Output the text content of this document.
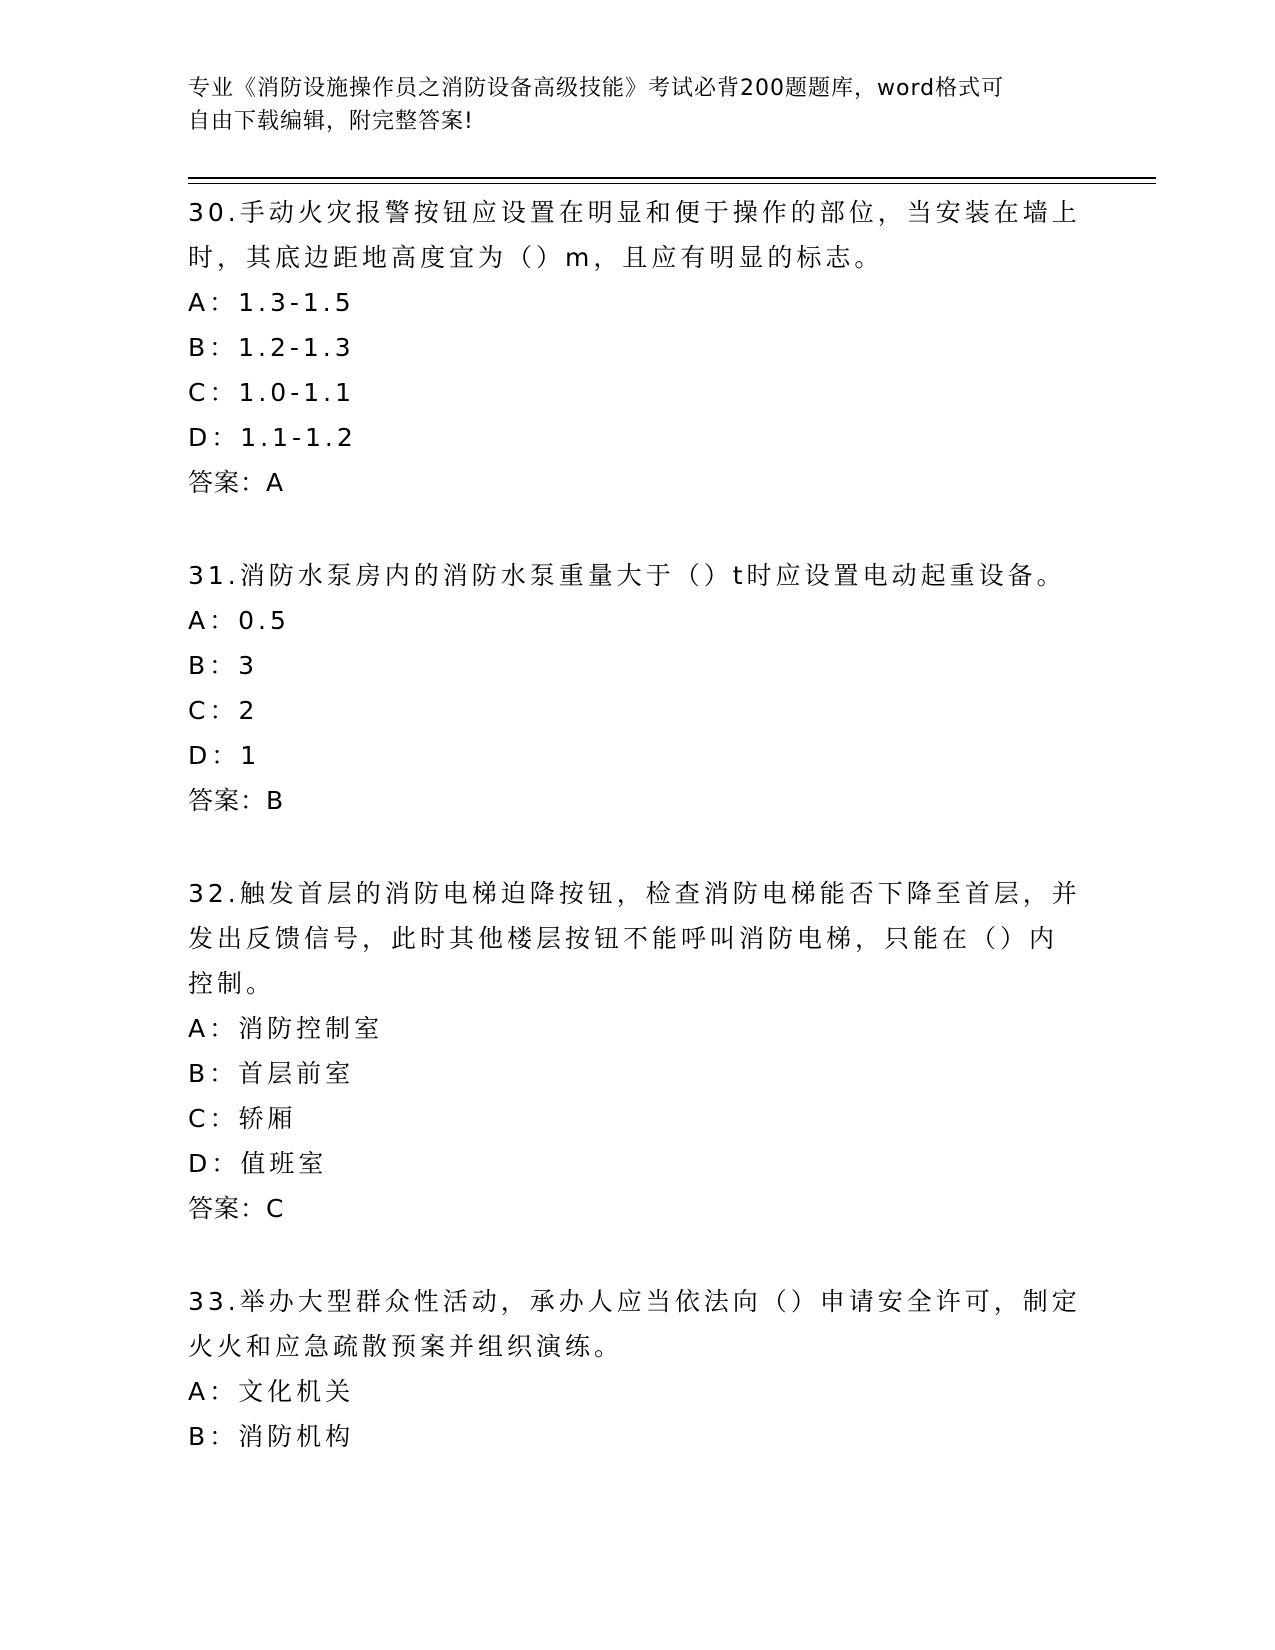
专业《消防设施操作员之消防设备高级技能》考试必背200题题库，word格式可
自由下载编辑，附完整答案!

30.手动火灾报警按钮应设置在明显和便于操作的部位，当安装在墙上

时，其底边距地高度宜为（）m，且应有明显的标志。

A：1.3-1.5

B：1.2-1.3

C：1.0-1.1

D：1.1-1.2

答案：A

31.消防水泵房内的消防水泵重量大于（）t时应设置电动起重设备。

A：0.5

B：3

C：2

D：1

答案：B

32.触发首层的消防电梯迫降按钮，检查消防电梯能否下降至首层，并

发出反馈信号，此时其他楼层按钮不能呼叫消防电梯，只能在（）内

控制。

A：消防控制室

B：首层前室

C：轿厢

D：值班室

答案：C

33.举办大型群众性活动，承办人应当依法向（）申请安全许可，制定

火火和应急疏散预案并组织演练。

A：文化机关

B：消防机构
